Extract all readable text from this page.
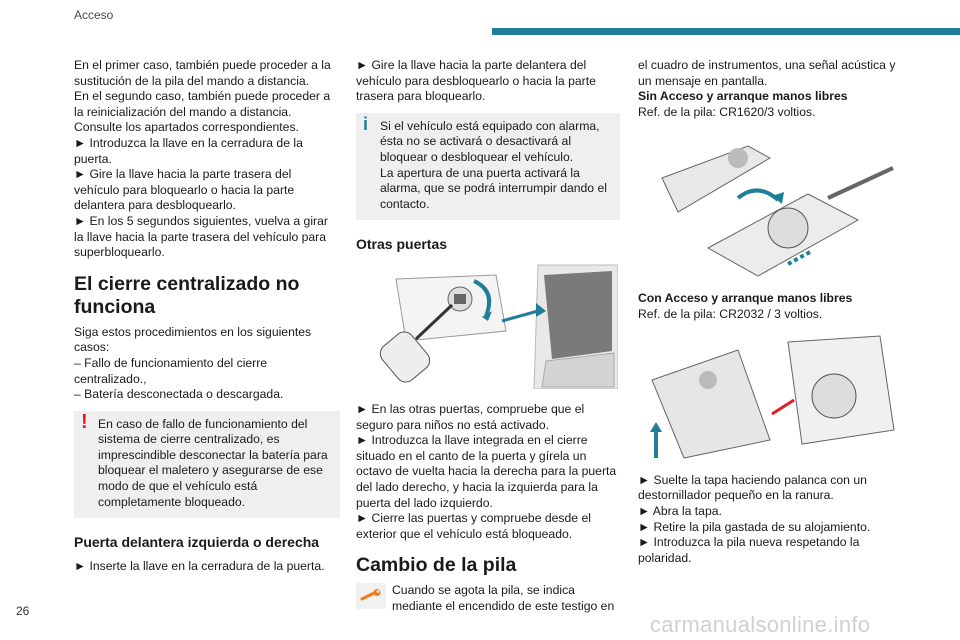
Acceso

En el primer caso, también puede proceder a la sustitución de la pila del mando a distancia.

En el segundo caso, también puede proceder a la reinicialización del mando a distancia.

Consulte los apartados correspondientes.

► Introduzca la llave en la cerradura de la puerta.

► Gire la llave hacia la parte trasera del vehículo para bloquearlo o hacia la parte delantera para desbloquearlo.

► En los 5 segundos siguientes, vuelva a girar la llave hacia la parte trasera del vehículo para superbloquearlo.

El cierre centralizado no funciona

Siga estos procedimientos en los siguientes casos:

– Fallo de funcionamiento del cierre centralizado.,

– Batería desconectada o descargada.

! En caso de fallo de funcionamiento del sistema de cierre centralizado, es imprescindible desconectar la batería para bloquear el maletero y asegurarse de ese modo de que el vehículo está completamente bloqueado.

Puerta delantera izquierda o derecha

► Inserte la llave en la cerradura de la puerta.

► Gire la llave hacia la parte delantera del vehículo para desbloquearlo o hacia la parte trasera para bloquearlo.

i Si el vehículo está equipado con alarma, ésta no se activará o desactivará al bloquear o desbloquear el vehículo.

La apertura de una puerta activará la alarma, que se podrá interrumpir dando el contacto.

Otras puertas

► En las otras puertas, compruebe que el seguro para niños no está activado.

► Introduzca la llave integrada en el cierre situado en el canto de la puerta y gírela un octavo de vuelta hacia la derecha para la puerta del lado derecho, y hacia la izquierda para la puerta del lado izquierdo.

► Cierre las puertas y compruebe desde el exterior que el vehículo está bloqueado.

Cambio de la pila

Cuando se agota la pila, se indica mediante el encendido de este testigo en

el cuadro de instrumentos, una señal acústica y un mensaje en pantalla.

Sin Acceso y arranque manos libres

Ref. de la pila: CR1620/3 voltios.

Con Acceso y arranque manos libres

Ref. de la pila: CR2032 / 3 voltios.

► Suelte la tapa haciendo palanca con un destornillador pequeño en la ranura.

► Abra la tapa.

► Retire la pila gastada de su alojamiento.

► Introduzca la pila nueva respetando la polaridad.

26
carmanualsonline.info
